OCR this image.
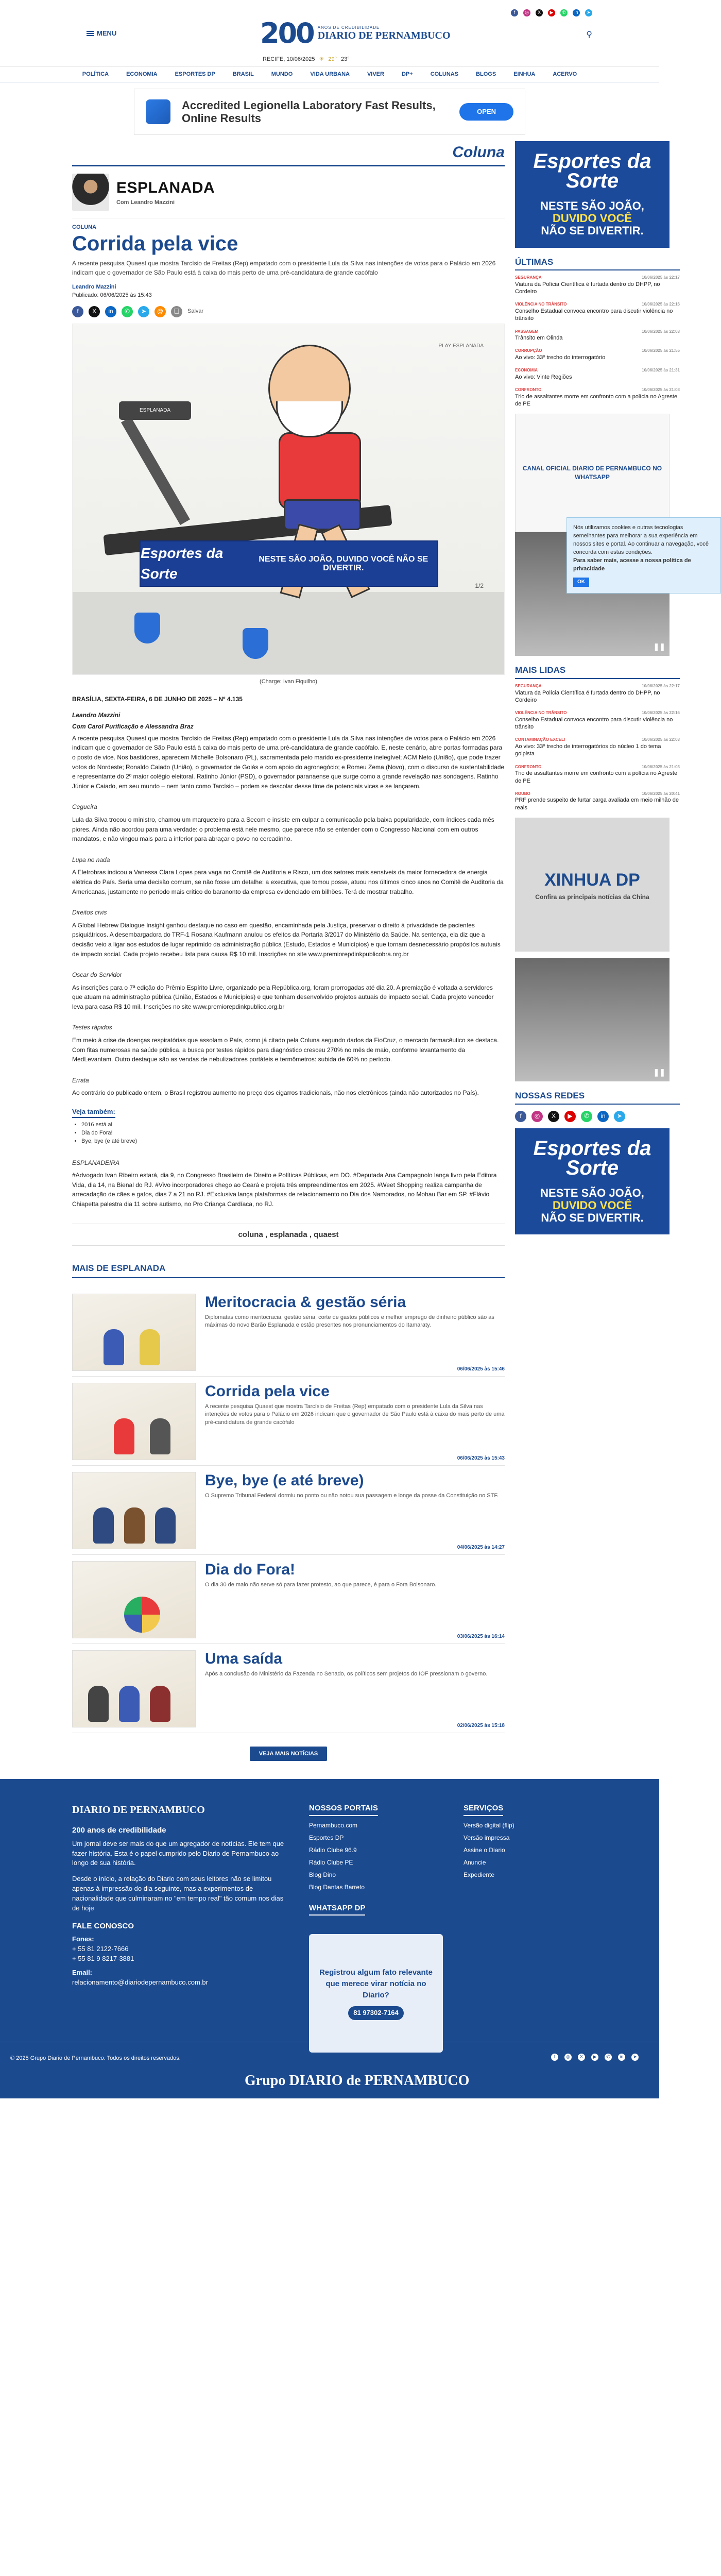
MENU	200 ANOS DE CREDIBILIDADE
DIARIO DE PERNAMBUCO
RECIFE, 10/06/2025 ☀ 29° 23°
f	◎	X	▶	✆	in	➤
⚲
POLÍTICA	ECONOMIA	ESPORTES DP	BRASIL	MUNDO	VIDA URBANA	VIVER	DP+	COLUNAS	BLOGS	EINHUA	ACERVO
Accredited Legionella Laboratory Fast Results, Online Results
OPEN
Coluna
ESPLANADA
Com Leandro Mazzini
COLUNA
Corrida pela vice

A recente pesquisa Quaest que mostra Tarcísio de Freitas (Rep) empatado com o presidente Lula da Silva nas intenções de votos para o Palácio em 2026 indicam que o governador de São Paulo está à caixa do mais perto de uma pré-candidatura de grande cacófalo

Leandro Mazzini
Publicado: 06/06/2025 às 15:43
f	X	in	✆	➤	@	❏	Salvar
ESPLANADA
PLAY ESPLANADA
Esportes da Sorte
NESTE SÃO JOÃO, DUVIDO VOCÊ NÃO SE DIVERTIR.
1/2
(Charge: Ivan Fiquilho)

BRASÍLIA, SEXTA-FEIRA, 6 DE JUNHO DE 2025 – Nº 4.135

Leandro Mazzini

Com Carol Purificação e Alessandra Braz

A recente pesquisa Quaest que mostra Tarcísio de Freitas (Rep) empatado com o presidente Lula da Silva nas intenções de votos para o Palácio em 2026 indicam que o governador de São Paulo está à caixa do mais perto de uma pré-candidatura de grande cacófalo. E, neste cenário, abre portas formadas para o posto de vice. Nos bastidores, aparecem Michelle Bolsonaro (PL), sacramentada pelo marido ex-presidente inelegível; ACM Neto (União), que pode trazer votos do Nordeste; Ronaldo Caiado (União), o governador de Goiás e com apoio do agronegócio; e Romeu Zema (Novo), com o discurso de sustentabilidade e representante do 2º maior colégio eleitoral. Ratinho Júnior (PSD), o governador paranaense que surge como a grande revelação nas sondagens. Ratinho Júnior e Caiado, em seu mundo – nem tanto como Tarcísio – podem se descolar desse time de potenciais vices e se lançarem.

Cegueira

Lula da Silva trocou o ministro, chamou um marqueteiro para a Secom e insiste em culpar a comunicação pela baixa popularidade, com índices cada mês piores. Ainda não acordou para uma verdade: o problema está nele mesmo, que parece não se entender com o Congresso Nacional com em outros mandatos, e não vingou mais para a inferior para abraçar o povo no cercadinho.

Lupa no nada

A Eletrobras indicou a Vanessa Clara Lopes para vaga no Comitê de Auditoria e Risco, um dos setores mais sensíveis da maior fornecedora de energia elétrica do País. Seria uma decisão comum, se não fosse um detalhe: a executiva, que tomou posse, atuou nos últimos cinco anos no Comitê de Auditoria da Americanas, justamente no período mais crítico do baranonto da empresa evidenciado em bilhões. Terá de mostrar trabalho.

Direitos civis

A Global Hebrew Dialogue Insight ganhou destaque no caso em questão, encaminhada pela Justiça, preservar o direito à privacidade de pacientes psiquiátricos. A desembargadora do TRF-1 Rosana Kaufmann anulou os efeitos da Portaria 3/2017 do Ministério da Saúde. Na sentença, ela diz que a decisão veio a ligar aos estudos de lugar reprimido da administração pública (Estudo, Estados e Municípios) e que tornam desnecessário propósitos autuais de impacto social. Cada projeto recebeu lista para causa R$ 10 mil. Inscrições no site www.premiorepdinkpublicobra.org.br

Oscar do Servidor

As inscrições para o 7ª edição do Prêmio Espírito Livre, organizado pela República.org, foram prorrogadas até dia 20. A premiação é voltada a servidores que atuam na administração pública (União, Estados e Municípios) e que tenham desenvolvido projetos autuais de impacto social. Cada projeto vencedor leva para casa R$ 10 mil. Inscrições no site www.premiorepdinkpublico.org.br

Testes rápidos

Em meio à crise de doenças respiratórias que assolam o País, como já citado pela Coluna segundo dados da FioCruz, o mercado farmacêutico se destaca. Com fitas numerosas na saúde pública, a busca por testes rápidos para diagnóstico cresceu 270% no mês de maio, conforme levantamento da MedLevantam. Outro destaque são as vendas de nebulizadores portáteis e termômetros: subida de 60% no período.

Errata

Ao contrário do publicado ontem, o Brasil registrou aumento no preço dos cigarros tradicionais, não nos eletrônicos (ainda não autorizados no País).

Veja também:
• 2016 está ai
• Dia do Fora!
• Bye, bye (e até breve)

ESPLANADEIRA

#Advogado Ivan Ribeiro estará, dia 9, no Congresso Brasileiro de Direito e Políticas Públicas, em DO. #Deputada Ana Campagnolo lança livro pela Editora Vida, dia 14, na Bienal do RJ. #Vivo incorporadores chego ao Ceará e projeta três empreendimentos em 2025. #Weet Shopping realiza campanha de arrecadação de cães e gatos, dias 7 a 21 no RJ. #Exclusiva lança plataformas de relacionamento no Dia dos Namorados, no Mohau Bar em SP. #Flávio Chiapetta palestra dia 11 sobre autismo, no Pro Criança Cardíaca, no RJ.

coluna , esplanada , quaest
MAIS DE ESPLANADA
Meritocracia & gestão séria
Diplomatas como meritocracia, gestão séria, corte de gastos públicos e melhor emprego de dinheiro público são as máximas do novo Barão Esplanada e estão presentes nos pronunciamentos do Itamaraty.
06/06/2025 às 15:46
Corrida pela vice
A recente pesquisa Quaest que mostra Tarcísio de Freitas (Rep) empatado com o presidente Lula da Silva nas intenções de votos para o Palácio em 2026 indicam que o governador de São Paulo está à caixa do mais perto de uma pré-candidatura de grande cacófalo
06/06/2025 às 15:43
Bye, bye (e até breve)
O Supremo Tribunal Federal dormiu no ponto ou não notou sua passagem e longe da posse da Constituição no STF.
04/06/2025 às 14:27
Dia do Fora!
O dia 30 de maio não serve só para fazer protesto, ao que parece, é para o Fora Bolsonaro.
03/06/2025 às 16:14
Uma saída
Após a conclusão do Ministério da Fazenda no Senado, os políticos sem projetos do IOF pressionam o governo.
02/06/2025 às 15:18
VEJA MAIS NOTÍCIAS
Esportes da Sorte
NESTE SÃO JOÃO,
DUVIDO VOCÊ
NÃO SE DIVERTIR.
ÚLTIMAS
SEGURANÇA	10/06/2025 às 22:17
Viatura da Polícia Científica é furtada dentro do DHPP, no Cordeiro
VIOLÊNCIA NO TRÂNSITO	10/06/2025 às 22:16
Conselho Estadual convoca encontro para discutir violência no trânsito
PASSAGEM	10/06/2025 às 22:03
Trânsito em Olinda
CORRUPÇÃO	10/06/2025 às 21:55
Ao vivo: 33º trecho do interrogatório
ECONOMIA	10/06/2025 às 21:31
Ao vivo: Vinte Regiões
CONFRONTO	10/06/2025 às 21:03
Trio de assaltantes morre em confronto com a polícia no Agreste de PE
CANAL OFICIAL DIARIO DE PERNAMBUCO NO WHATSAPP
❚❚
MAIS LIDAS
SEGURANÇA	10/06/2025 às 22:17
Viatura da Polícia Científica é furtada dentro do DHPP, no Cordeiro
VIOLÊNCIA NO TRÂNSITO	10/06/2025 às 22:16
Conselho Estadual convoca encontro para discutir violência no trânsito
CONTAMINAÇÃO EXCEL!	10/06/2025 às 22:03
Ao vivo: 33º trecho de interrogatórios do núcleo 1 do tema golpista
CONFRONTO	10/06/2025 às 21:03
Trio de assaltantes morre em confronto com a polícia no Agreste de PE
ROUBO	10/06/2025 às 20:41
PRF prende suspeito de furtar carga avaliada em meio milhão de reais
XINHUA DP
Confira as principais notícias da China
❚❚
NOSSAS REDES
f	◎	X	▶	✆	in	➤
Esportes da Sorte
NESTE SÃO JOÃO,
DUVIDO VOCÊ
NÃO SE DIVERTIR.
Nós utilizamos cookies e outras tecnologias semelhantes para melhorar a sua experiência em nossos sites e portal. Ao continuar a navegação, você concorda com estas condições.
Para saber mais, acesse a nossa política de privacidade
OK
DIARIO DE PERNAMBUCO
200 anos de credibilidade

Um jornal deve ser mais do que um agregador de notícias. Ele tem que fazer história. Esta é o papel cumprido pelo Diario de Pernambuco ao longo de sua história.

Desde o início, a relação do Diario com seus leitores não se limitou apenas à impressão do dia seguinte, mas a experimentos de nacionalidade que culminaram no "em tempo real" tão comum nos dias de hoje

FALE CONOSCO
Fones:
+ 55 81 2122-7666
+ 55 81 9 8217-3881
Email:
relacionamento@diariodepernambuco.com.br
NOSSOS PORTAIS
Pernambuco.com
Esportes DP
Rádio Clube 96.9
Rádio Clube PE
Blog Dino
Blog Dantas Barreto
WHATSAPP DP
Registrou algum fato relevante que merece virar notícia no Diario?
81 97302-7164
SERVIÇOS
Versão digital (flip)
Versão impressa
Assine o Diario
Anuncie
Expediente
© 2025 Grupo Diario de Pernambuco. Todos os direitos reservados.	f	◎	X	▶	✆	in	➤
Grupo DIARIO de PERNAMBUCO
